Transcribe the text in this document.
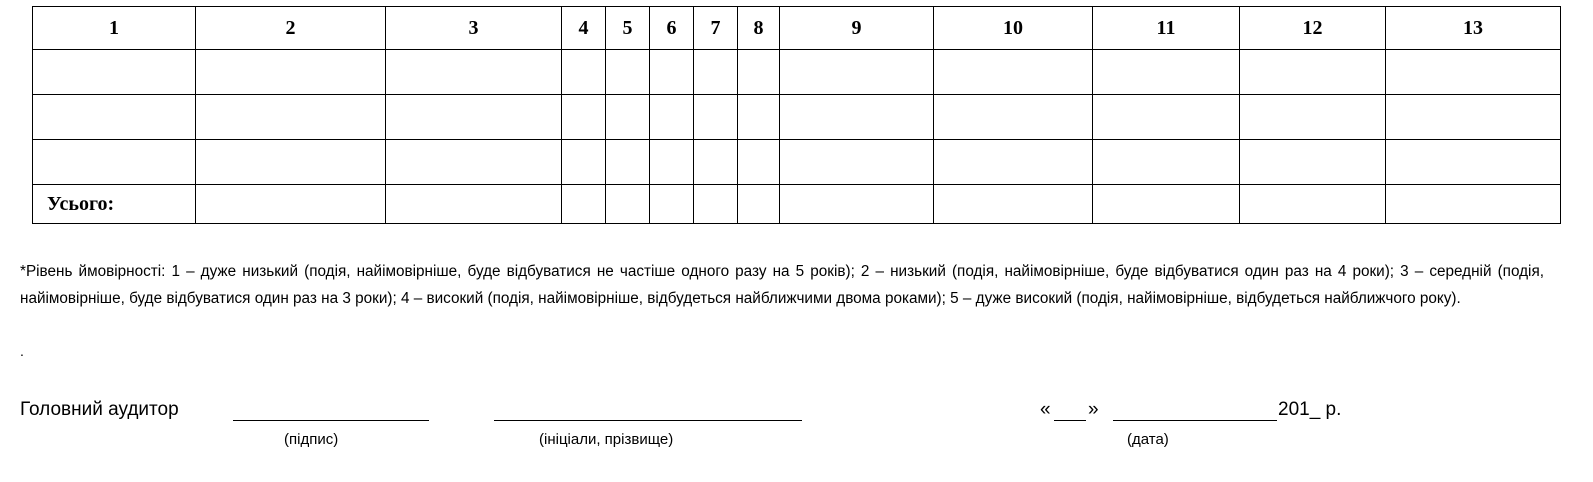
1	2	3	4	5	6	7	8	9	10	11	12	13

Усього:												
*Рівень ймовірності: 1 – дуже низький (подія, найімовірніше, буде відбуватися не частіше одного разу на 5 років); 2 – низький (подія, найімовірніше, буде відбуватися один раз на 4 роки); 3 – середній (подія, найімовірніше, буде відбуватися один раз на 3 роки); 4 – високий (подія, найімовірніше, відбудеться найближчими двома роками); 5 – дуже високий (подія, найімовірніше, відбудеться найближчого року).
.
Головний аудитор
(підпис)	(ініціали, прізвище)
« »	201_ р.
(дата)
